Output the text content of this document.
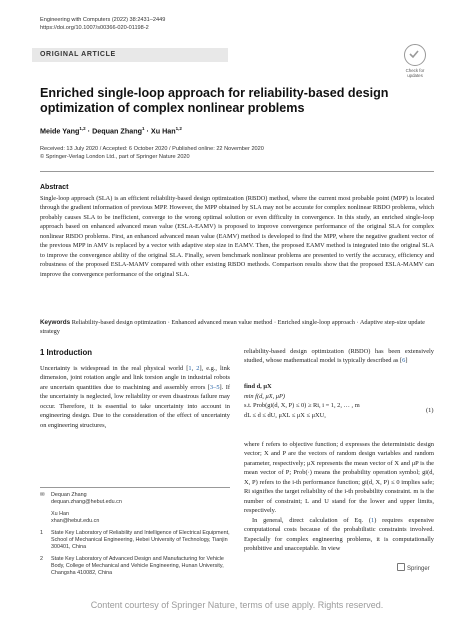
Engineering with Computers (2022) 38:2431–2449
https://doi.org/10.1007/s00366-020-01198-2
ORIGINAL ARTICLE
Check for
updates
Enriched single-loop approach for reliability-based design optimization of complex nonlinear problems
Meide Yang$^{1,2}$ · Dequan Zhang$^1$ · Xu Han$^{1,2}$
Received: 13 July 2020 / Accepted: 6 October 2020 / Published online: 22 November 2020
© Springer-Verlag London Ltd., part of Springer Nature 2020
Abstract
Single-loop approach (SLA) is an efficient reliability-based design optimization (RBDO) method, where the current most probable point (MPP) is located through the gradient information of previous MPP. However, the MPP obtained by SLA may not be accurate for complex nonlinear RBDO problems, which probably causes SLA to be inefficient, converge to the wrong optimal solution or even difficulty in convergence. In this study, an enriched single-loop approach based on enhanced advanced mean value (ESLA-EAMV) is proposed to improve convergence performance of the original SLA for complex nonlinear RBDO problems. First, an enhanced advanced mean value (EAMV) method is developed to find the MPP, where the negative gradient vector of the previous MPP in AMV is replaced by a vector with adaptive step size in EAMV. Then, the proposed EAMV method is integrated into the original SLA to improve the convergence ability of the original SLA. Finally, seven benchmark nonlinear problems are presented to verify the accuracy, efficiency and robustness of the proposed ESLA-MAMV compared with other existing RBDO methods. Comparison results show that the proposed ESLA-MAMV can improve the convergence performance of the original SLA.
Keywords Reliability-based design optimization · Enhanced advanced mean value method · Enriched single-loop approach · Adaptive step-size update strategy
1 Introduction
Uncertainty is widespread in the real physical world [1, 2], e.g., link dimension, joint rotation angle and link torsion angle in industrial robots are uncertain quantities due to machining and assembly errors [3–5]. If the uncertainty is neglected, low reliability or even disastrous failure may occur. Therefore, it is essential to take uncertainty into account in engineering design. Due to the consideration of the effect of uncertainty on engineering structures,
reliability-based design optimization (RBDO) has been extensively studied, whose mathematical model is typically described as [6]
find d, μX
min f(d, μX, μP)
s.t. Prob(gi(d, X, P) ≤ 0) ≥ Ri, i = 1, 2, … , m
dL ≤ d ≤ dU, μXL ≤ μX ≤ μXU,
(1)
where f refers to objective function; d expresses the deterministic design vector; X and P are the vectors of random design variables and random parameter, respectively; μX represents the mean vector of X and μP is the mean vector of P; Prob(·) means the probability operation symbol; gi(d, X, P) refers to the i-th performance function; gi(d, X, P) ≤ 0 implies safe; Ri signifies the target reliability of the i-th probability constraint. m is the number of constraint; L and U stand for the lower and upper limits, respectively.
In general, direct calculation of Eq. (1) requires expensive computational costs because of the probabilistic constraints involved. Especially for complex engineering problems, it is computationally prohibitive and unacceptable. In view
✉ Dequan Zhang
dequan.zhang@hebut.edu.cn
Xu Han
xhan@hebut.edu.cn
1 State Key Laboratory of Reliability and Intelligence of Electrical Equipment, School of Mechanical Engineering, Hebei University of Technology, Tianjin 300401, China
2 State Key Laboratory of Advanced Design and Manufacturing for Vehicle Body, College of Mechanical and Vehicle Engineering, Hunan University, Changsha 410082, China
Springer
Content courtesy of Springer Nature, terms of use apply. Rights reserved.
